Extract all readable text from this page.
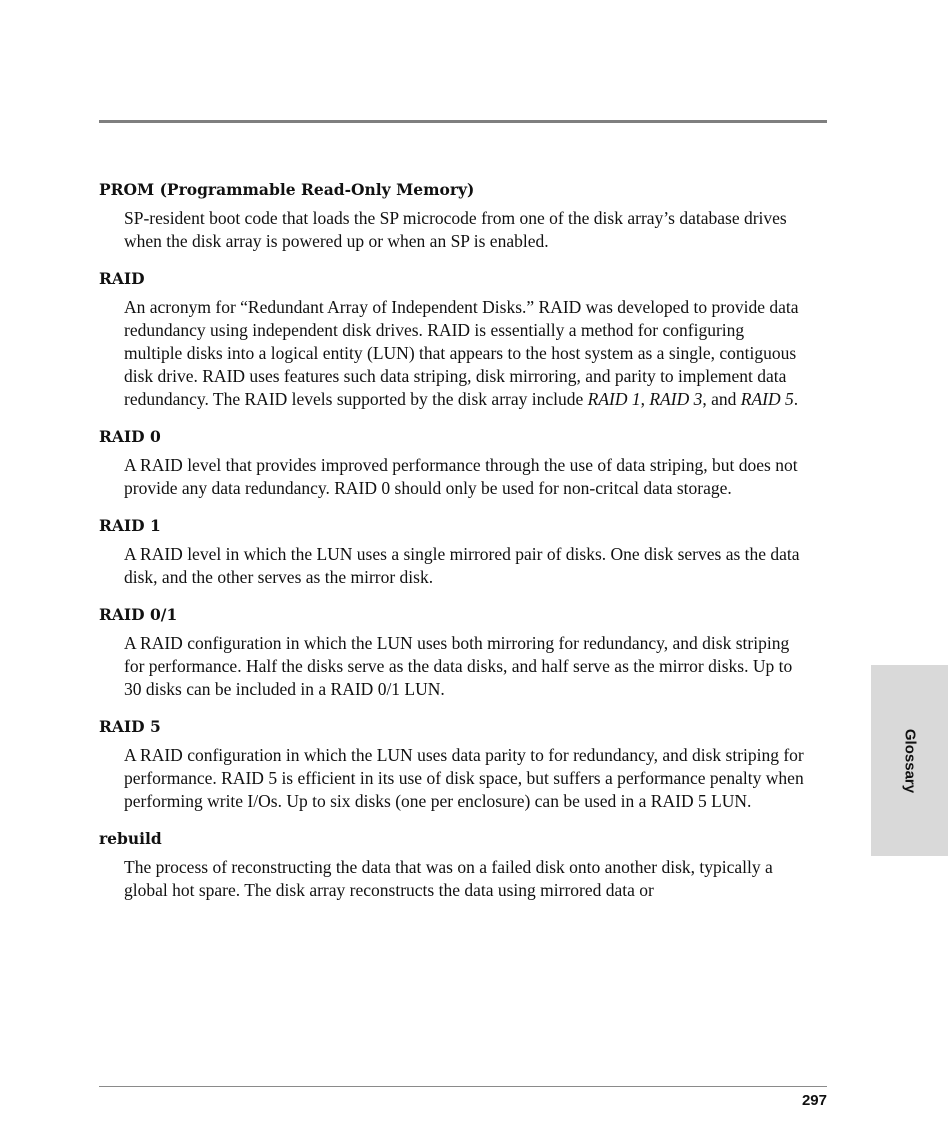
PROM (Programmable Read-Only Memory)
SP-resident boot code that loads the SP microcode from one of the disk array’s database drives when the disk array is powered up or when an SP is enabled.
RAID
An acronym for “Redundant Array of Independent Disks.” RAID was developed to provide data redundancy using independent disk drives. RAID is essentially a method for configuring multiple disks into a logical entity (LUN) that appears to the host system as a single, contiguous disk drive. RAID uses features such data striping, disk mirroring, and parity to implement data redundancy. The RAID levels supported by the disk array include RAID 1, RAID 3, and RAID 5.
RAID 0
A RAID level that provides improved performance through the use of data striping, but does not provide any data redundancy. RAID 0 should only be used for non-critcal data storage.
RAID 1
A RAID level in which the LUN uses a single mirrored pair of disks. One disk serves as the data disk, and the other serves as the mirror disk.
RAID 0/1
A RAID configuration in which the LUN uses both mirroring for redundancy, and disk striping for performance. Half the disks serve as the data disks, and half serve as the mirror disks. Up to 30 disks can be included in a RAID 0/1 LUN.
RAID 5
A RAID configuration in which the LUN uses data parity to for redundancy, and disk striping for performance. RAID 5 is efficient in its use of disk space, but suffers a performance penalty when performing write I/Os. Up to six disks (one per enclosure) can be used in a RAID 5 LUN.
rebuild
The process of reconstructing the data that was on a failed disk onto another disk, typically a global hot spare. The disk array reconstructs the data using mirrored data or
Glossary
297
